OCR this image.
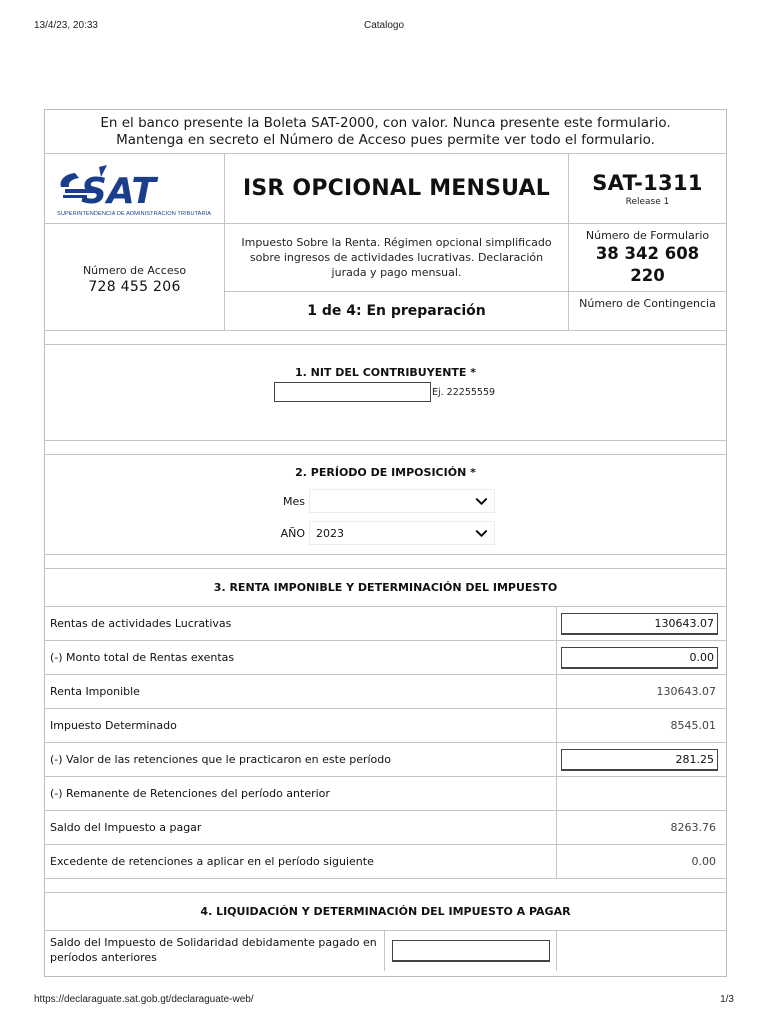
13/4/23, 20:33	Catalogo
En el banco presente la Boleta SAT-2000, con valor. Nunca presente este formulario.
Mantenga en secreto el Número de Acceso pues permite ver todo el formulario.
SAT
SUPERINTENDENCIA DE ADMINISTRACION TRIBUTARIA
Número de Acceso
728 455 206
ISR OPCIONAL MENSUAL
Impuesto Sobre la Renta. Régimen opcional simplificado sobre ingresos de actividades lucrativas. Declaración jurada y pago mensual.
1 de 4: En preparación
SAT-1311
Release 1
Número de Formulario
38 342 608
220
Número de Contingencia
1. NIT DEL CONTRIBUYENTE *
Ej. 22255559
2. PERÍODO DE IMPOSICIÓN *
Mes
AÑO 2023
3. RENTA IMPONIBLE Y DETERMINACIÓN DEL IMPUESTO
Rentas de actividades Lucrativas	130643.07
(-) Monto total de Rentas exentas	0.00
Renta Imponible	130643.07
Impuesto Determinado	8545.01
(-) Valor de las retenciones que le practicaron en este período	281.25
(-) Remanente de Retenciones del período anterior
Saldo del Impuesto a pagar	8263.76
Excedente de retenciones a aplicar en el período siguiente	0.00
4. LIQUIDACIÓN Y DETERMINACIÓN DEL IMPUESTO A PAGAR
Saldo del Impuesto de Solidaridad debidamente pagado en períodos anteriores
https://declaraguate.sat.gob.gt/declaraguate-web/	1/3
